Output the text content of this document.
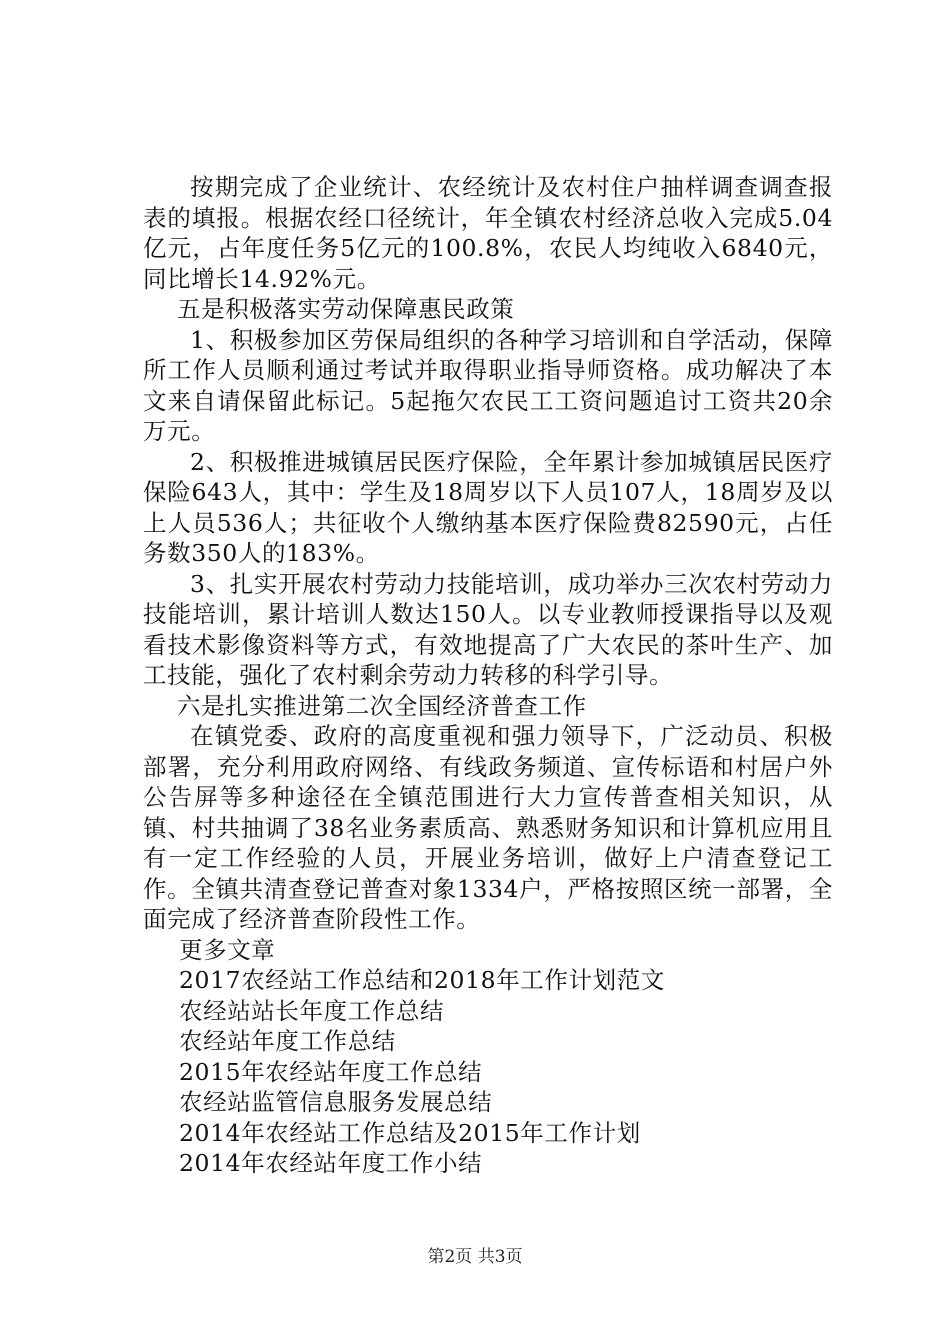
按期完成了企业统计、农经统计及农村住户抽样调查调查报表的填报。根据农经口径统计，年全镇农村经济总收入完成5.04亿元，占年度任务5亿元的100.8%，农民人均纯收入6840元，同比增长14.92%元。

五是积极落实劳动保障惠民政策

1、积极参加区劳保局组织的各种学习培训和自学活动，保障所工作人员顺利通过考试并取得职业指导师资格。成功解决了本文来自请保留此标记。5起拖欠农民工工资问题追讨工资共20余万元。

2、积极推进城镇居民医疗保险，全年累计参加城镇居民医疗保险643人，其中：学生及18周岁以下人员107人，18周岁及以上人员536人；共征收个人缴纳基本医疗保险费82590元，占任务数350人的183%。

3、扎实开展农村劳动力技能培训，成功举办三次农村劳动力技能培训，累计培训人数达150人。以专业教师授课指导以及观看技术影像资料等方式，有效地提高了广大农民的茶叶生产、加工技能，强化了农村剩余劳动力转移的科学引导。

六是扎实推进第二次全国经济普查工作

在镇党委、政府的高度重视和强力领导下，广泛动员、积极部署，充分利用政府网络、有线政务频道、宣传标语和村居户外公告屏等多种途径在全镇范围进行大力宣传普查相关知识，从镇、村共抽调了38名业务素质高、熟悉财务知识和计算机应用且有一定工作经验的人员，开展业务培训，做好上户清查登记工作。全镇共清查登记普查对象1334户，严格按照区统一部署，全面完成了经济普查阶段性工作。

更多文章

2017农经站工作总结和2018年工作计划范文
农经站站长年度工作总结
农经站年度工作总结
2015年农经站年度工作总结
农经站监管信息服务发展总结
2014年农经站工作总结及2015年工作计划
2014年农经站年度工作小结
第2页 共3页
